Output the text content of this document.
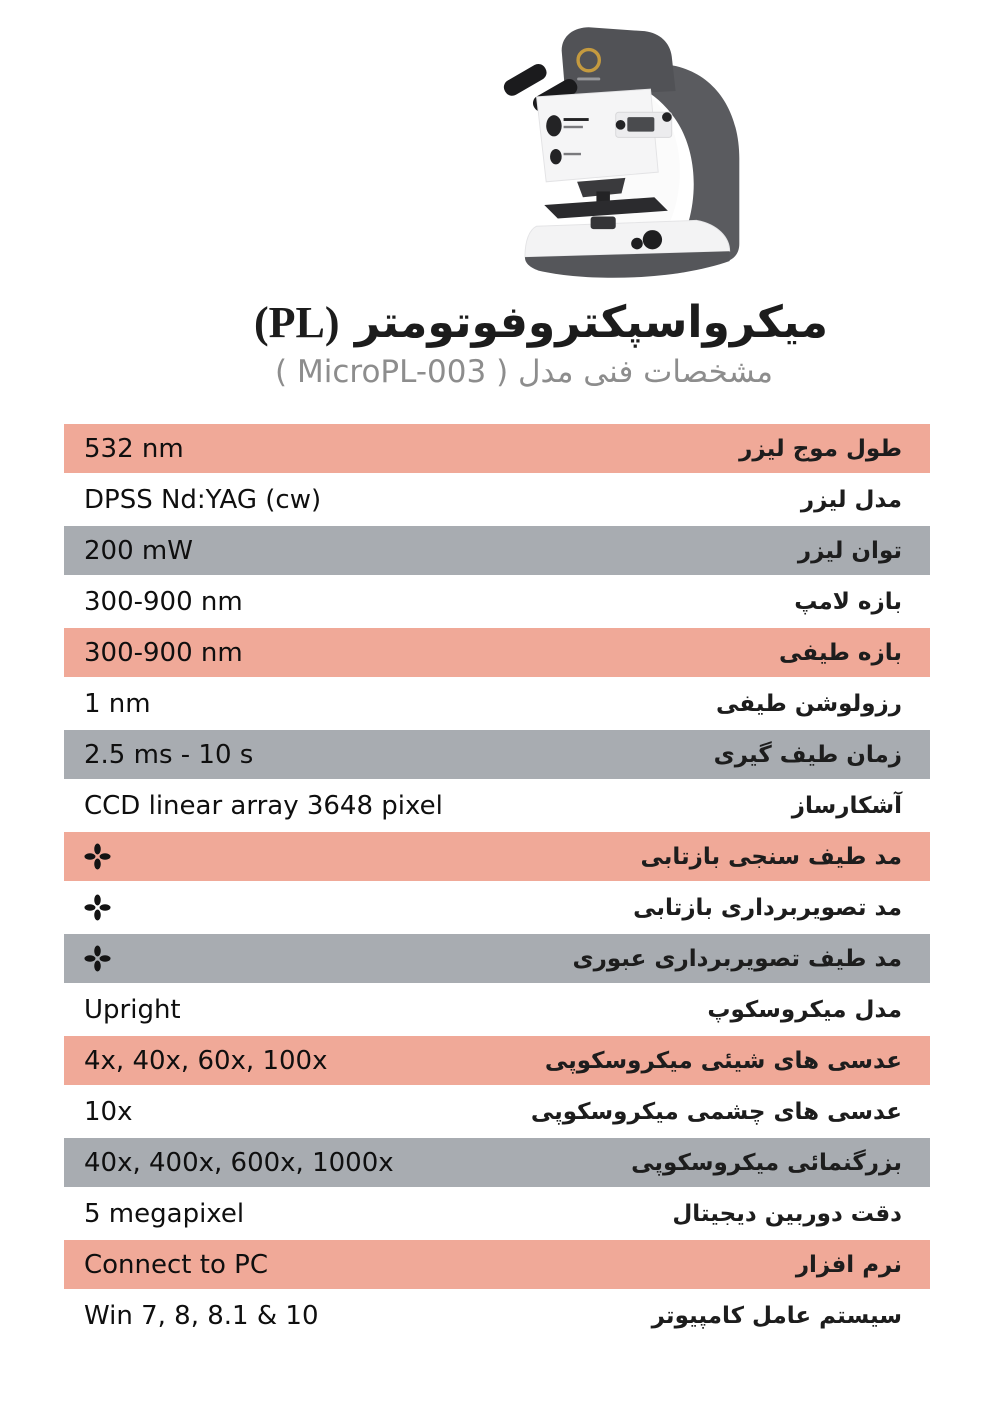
میکرواسپکتروفوتومتر (PL)
مشخصات فنی مدل ( MicroPL-003 )
طول موج لیزر
532 nm
مدل لیزر
DPSS Nd:YAG (cw)
توان لیزر
200 mW
بازه لامپ
300-900 nm
بازه طیفی
300-900 nm
رزولوشن طیفی
1 nm
زمان طیف گیری
2.5 ms - 10 s
آشکارساز
CCD linear array 3648 pixel
مد طیف سنجی بازتابی
مد تصویربرداری بازتابی
مد طیف تصویربرداری عبوری
مدل میکروسکوپ
Upright
عدسی های شیئی میکروسکوپی
4x, 40x, 60x, 100x
عدسی های چشمی میکروسکوپی
10x
بزرگنمائی میکروسکوپی
40x, 400x, 600x, 1000x
دقت دوربین دیجیتال
5 megapixel
نرم افزار
Connect to PC
سیستم عامل کامپیوتر
Win 7, 8, 8.1 & 10
